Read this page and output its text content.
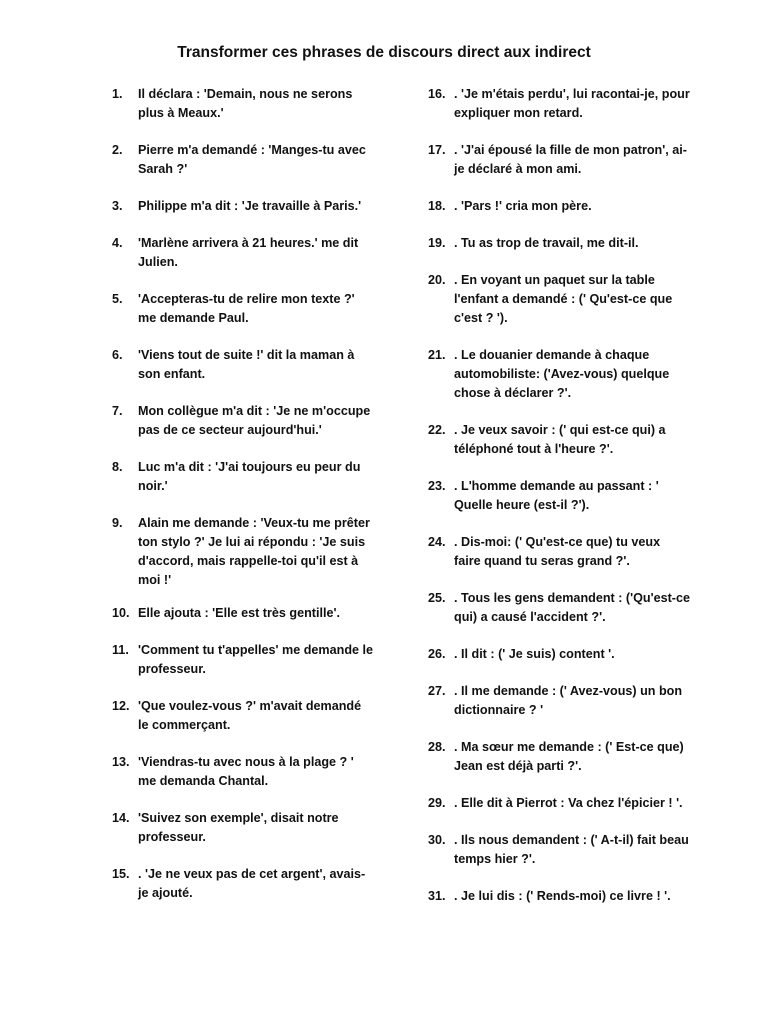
Transformer ces phrases de discours direct aux indirect
1.	Il déclara : 'Demain, nous ne serons plus à Meaux.'
2.	Pierre m'a demandé : 'Manges-tu avec Sarah ?'
3.	Philippe m'a dit : 'Je travaille à Paris.'
4.	'Marlène arrivera à 21 heures.' me dit Julien.
5.	'Accepteras-tu de relire mon texte ?' me demande Paul.
6.	'Viens tout de suite !' dit la maman à son enfant.
7.	Mon collègue m'a dit : 'Je ne m'occupe pas de ce secteur aujourd'hui.'
8.	Luc m'a dit : 'J'ai toujours eu peur du noir.'
9.	Alain me demande : 'Veux-tu me prêter ton stylo ?' Je lui ai répondu : 'Je suis d'accord, mais rappelle-toi qu'il est à moi !'
10. Elle ajouta : 'Elle est très gentille'.
11. 'Comment tu t'appelles' me demande le professeur.
12. 'Que voulez-vous ?' m'avait demandé le commerçant.
13. 'Viendras-tu avec nous à la plage ? ' me demanda Chantal.
14. 'Suivez son exemple', disait notre professeur.
15. . 'Je ne veux pas de cet argent', avais-je ajouté.
16. . 'Je m'étais perdu', lui racontai-je, pour expliquer mon retard.
17. . 'J'ai épousé la fille de mon patron', ai-je déclaré à mon ami.
18. . 'Pars !' cria mon père.
19. . Tu as trop de travail, me dit-il.
20. . En voyant un paquet sur la table l'enfant a demandé : (' Qu'est-ce que c'est ? ').
21. . Le douanier demande à chaque automobiliste: ('Avez-vous) quelque chose à déclarer ?'.
22. . Je veux savoir : (' qui est-ce qui) a téléphoné tout à l'heure ?'.
23. . L'homme demande au passant : ' Quelle heure (est-il ?').
24. . Dis-moi: (' Qu'est-ce que) tu veux faire quand tu seras grand ?'.
25. . Tous les gens demandent : ('Qu'est-ce qui) a causé l'accident ?'.
26. . Il dit : (' Je suis) content '.
27. . Il me demande : (' Avez-vous) un bon dictionnaire ? '
28. . Ma sœur me demande : (' Est-ce que) Jean est déjà parti ?'.
29. . Elle dit à Pierrot : Va chez l'épicier ! '.
30. . Ils nous demandent : (' A-t-il) fait beau temps hier ?'.
31. . Je lui dis : (' Rends-moi) ce livre ! '.
